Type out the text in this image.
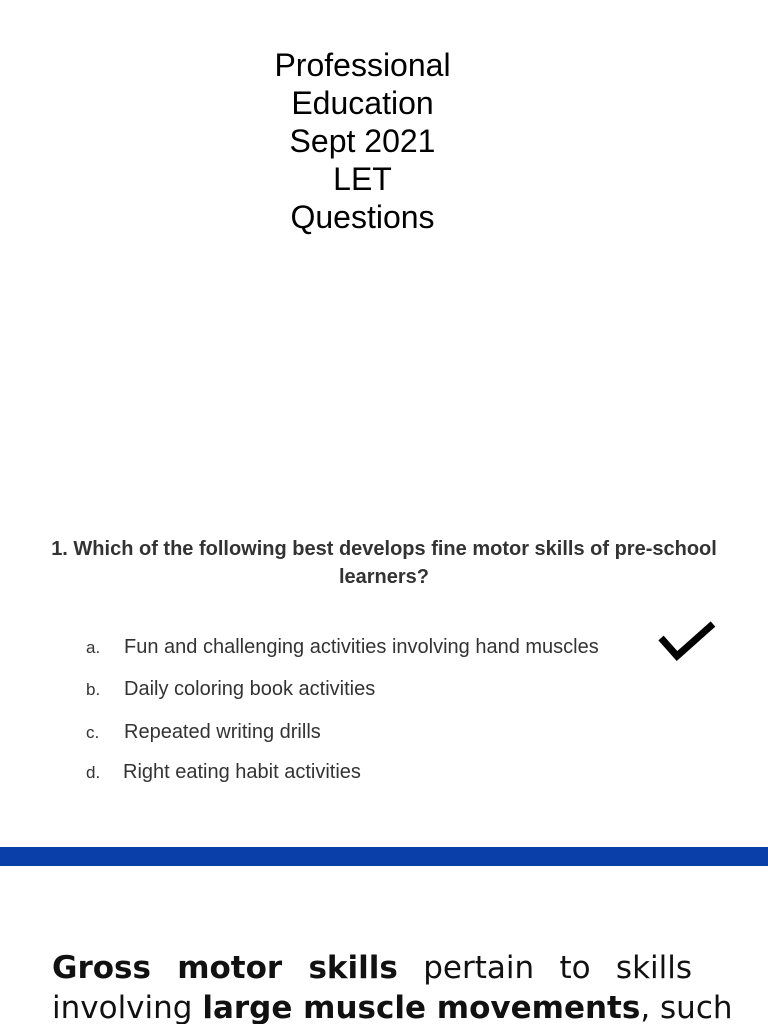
Professional
Education
Sept 2021
LET
Questions
1. Which of the following best develops fine motor skills of pre-school learners?
a. Fun and challenging activities involving hand muscles
b. Daily coloring book activities
c. Repeated writing drills
d. Right eating habit activities
Gross motor skills pertain to skills
involving large muscle movements, such
